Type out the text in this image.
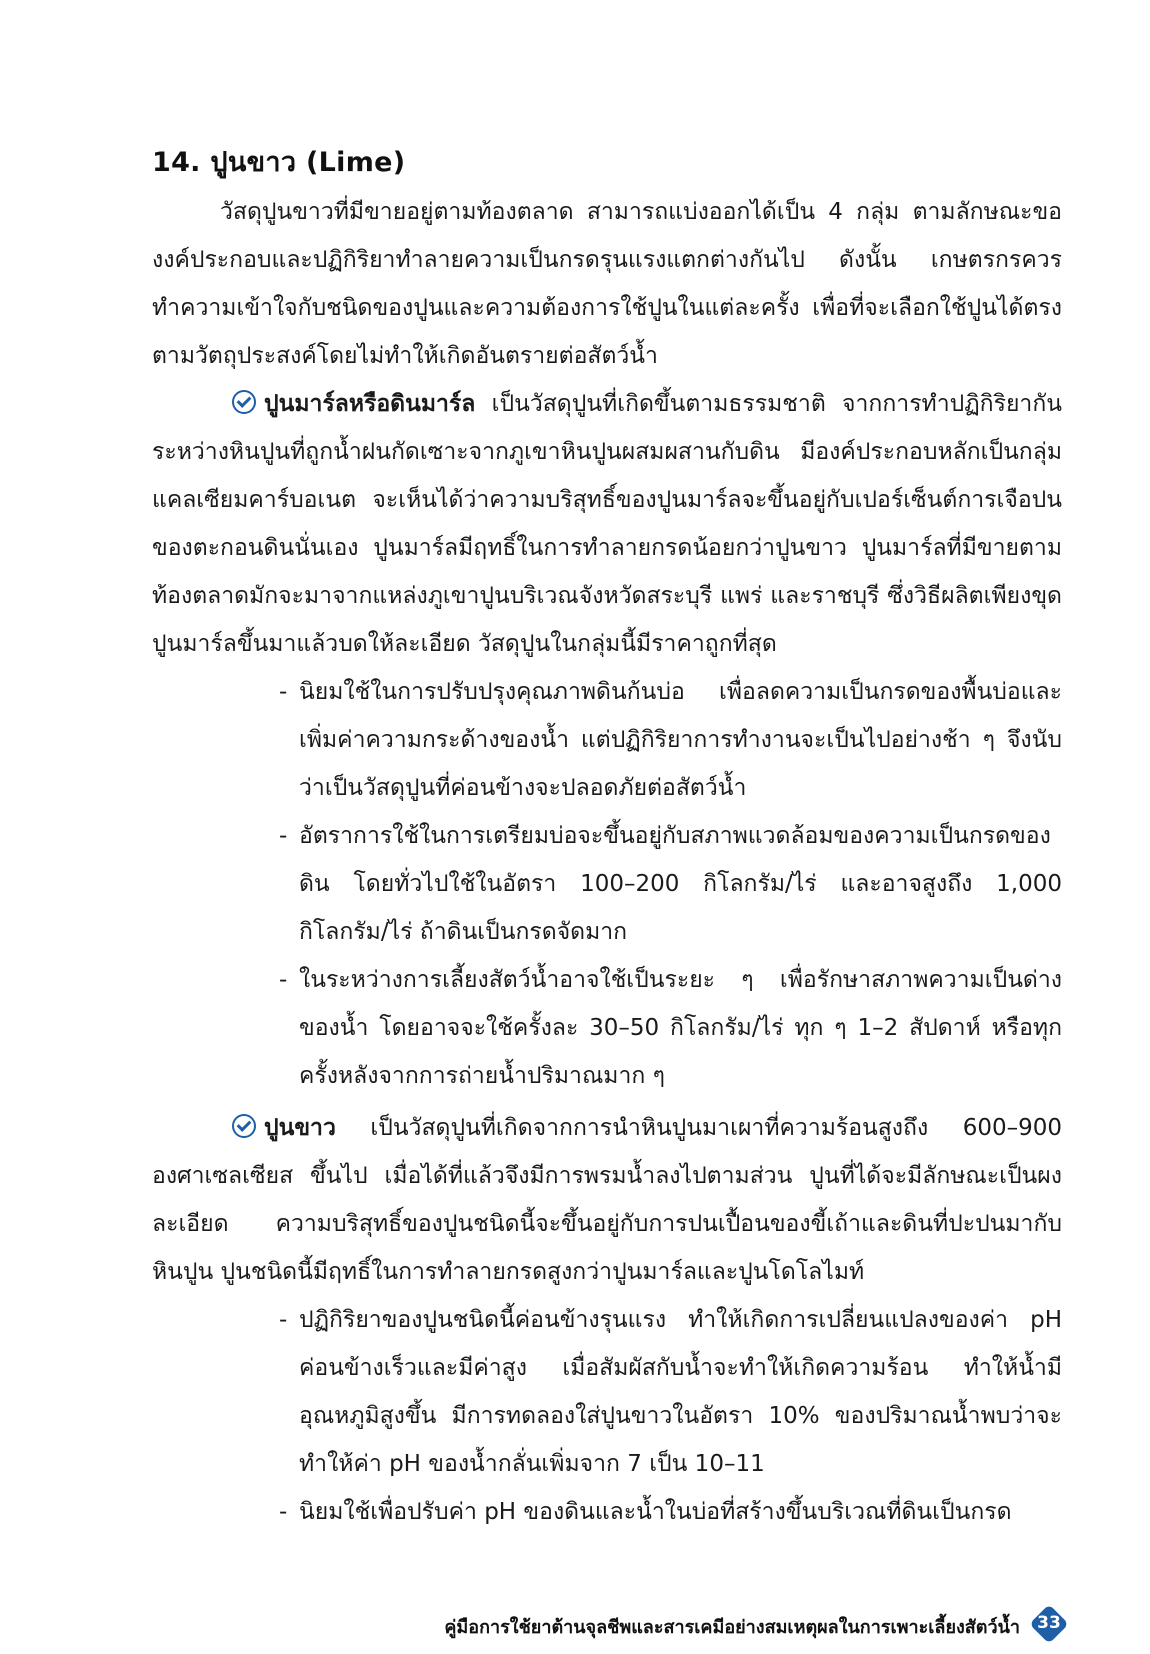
14. ปูนขาว (Lime)

วัสดุปูนขาวที่มีขายอยู่ตามท้องตลาด สามารถแบ่งออกได้เป็น 4 กลุ่ม ตามลักษณะของงค์ประกอบและปฏิกิริยาทำลายความเป็นกรดรุนแรงแตกต่างกันไป ดังนั้น เกษตรกรควรทำความเข้าใจกับชนิดของปูนและความต้องการใช้ปูนในแต่ละครั้ง เพื่อที่จะเลือกใช้ปูนได้ตรงตามวัตถุประสงค์โดยไม่ทำให้เกิดอันตรายต่อสัตว์น้ำ

ปูนมาร์ลหรือดินมาร์ล เป็นวัสดุปูนที่เกิดขึ้นตามธรรมชาติ จากการทำปฏิกิริยากันระหว่างหินปูนที่ถูกน้ำฝนกัดเซาะจากภูเขาหินปูนผสมผสานกับดิน มีองค์ประกอบหลักเป็นกลุ่มแคลเซียมคาร์บอเนต จะเห็นได้ว่าความบริสุทธิ์ของปูนมาร์ลจะขึ้นอยู่กับเปอร์เซ็นต์การเจือปนของตะกอนดินนั่นเอง ปูนมาร์ลมีฤทธิ์ในการทำลายกรดน้อยกว่าปูนขาว ปูนมาร์ลที่มีขายตามท้องตลาดมักจะมาจากแหล่งภูเขาปูนบริเวณจังหวัดสระบุรี แพร่ และราชบุรี ซึ่งวิธีผลิตเพียงขุดปูนมาร์ลขึ้นมาแล้วบดให้ละเอียด วัสดุปูนในกลุ่มนี้มีราคาถูกที่สุด

- นิยมใช้ในการปรับปรุงคุณภาพดินก้นบ่อ เพื่อลดความเป็นกรดของพื้นบ่อและเพิ่มค่าความกระด้างของน้ำ แต่ปฏิกิริยาการทำงานจะเป็นไปอย่างช้า ๆ จึงนับว่าเป็นวัสดุปูนที่ค่อนข้างจะปลอดภัยต่อสัตว์น้ำ
- อัตราการใช้ในการเตรียมบ่อจะขึ้นอยู่กับสภาพแวดล้อมของความเป็นกรดของดิน โดยทั่วไปใช้ในอัตรา 100–200 กิโลกรัม/ไร่ และอาจสูงถึง 1,000 กิโลกรัม/ไร่ ถ้าดินเป็นกรดจัดมาก
- ในระหว่างการเลี้ยงสัตว์น้ำอาจใช้เป็นระยะ ๆ เพื่อรักษาสภาพความเป็นด่างของน้ำ โดยอาจจะใช้ครั้งละ 30–50 กิโลกรัม/ไร่ ทุก ๆ 1–2 สัปดาห์ หรือทุกครั้งหลังจากการถ่ายน้ำปริมาณมาก ๆ

ปูนขาว เป็นวัสดุปูนที่เกิดจากการนำหินปูนมาเผาที่ความร้อนสูงถึง 600–900 องศาเซลเซียส ขึ้นไป เมื่อได้ที่แล้วจึงมีการพรมน้ำลงไปตามส่วน ปูนที่ได้จะมีลักษณะเป็นผงละเอียด ความบริสุทธิ์ของปูนชนิดนี้จะขึ้นอยู่กับการปนเปื้อนของขี้เถ้าและดินที่ปะปนมากับหินปูน ปูนชนิดนี้มีฤทธิ์ในการทำลายกรดสูงกว่าปูนมาร์ลและปูนโดโลไมท์

- ปฏิกิริยาของปูนชนิดนี้ค่อนข้างรุนแรง ทำให้เกิดการเปลี่ยนแปลงของค่า pH ค่อนข้างเร็วและมีค่าสูง เมื่อสัมผัสกับน้ำจะทำให้เกิดความร้อน ทำให้น้ำมีอุณหภูมิสูงขึ้น มีการทดลองใส่ปูนขาวในอัตรา 10% ของปริมาณน้ำพบว่าจะทำให้ค่า pH ของน้ำกลั่นเพิ่มจาก 7 เป็น 10–11
- นิยมใช้เพื่อปรับค่า pH ของดินและน้ำในบ่อที่สร้างขึ้นบริเวณที่ดินเป็นกรด
คู่มือการใช้ยาต้านจุลชีพและสารเคมีอย่างสมเหตุผลในการเพาะเลี้ยงสัตว์น้ำ	33
